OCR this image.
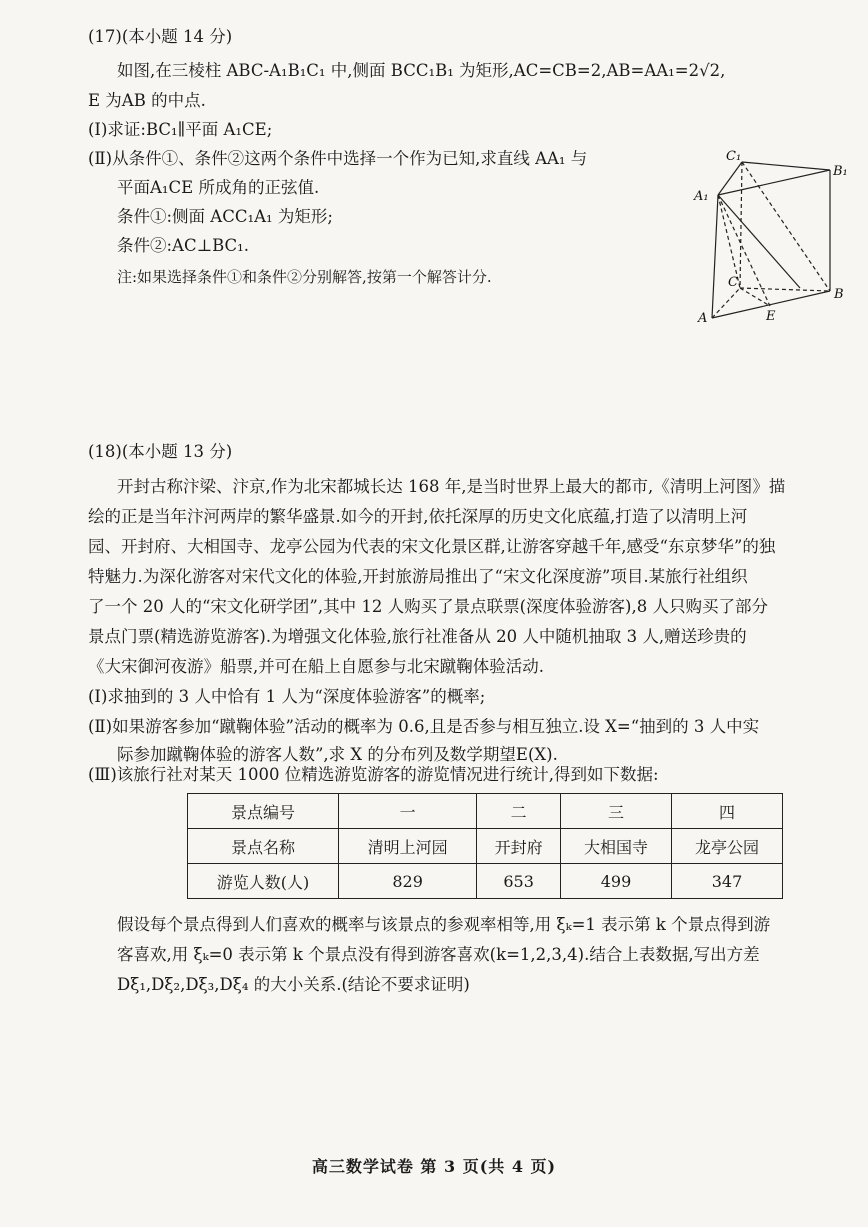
(17)(本小题 14 分)
如图,在三棱柱 ABC-A₁B₁C₁ 中,侧面 BCC₁B₁ 为矩形,AC=CB=2,AB=AA₁=2√2,
E 为AB 的中点.
(Ⅰ)求证:BC₁∥平面 A₁CE;
(Ⅱ)从条件①、条件②这两个条件中选择一个作为已知,求直线 AA₁ 与
平面A₁CE 所成角的正弦值.
条件①:侧面 ACC₁A₁ 为矩形;
条件②:AC⊥BC₁.
注:如果选择条件①和条件②分别解答,按第一个解答计分.
C₁
B₁
A₁
C
B
A	E
(18)(本小题 13 分)
开封古称汴梁、汴京,作为北宋都城长达 168 年,是当时世界上最大的都市,《清明上河图》描
绘的正是当年汴河两岸的繁华盛景.如今的开封,依托深厚的历史文化底蕴,打造了以清明上河
园、开封府、大相国寺、龙亭公园为代表的宋文化景区群,让游客穿越千年,感受“东京梦华”的独
特魅力.为深化游客对宋代文化的体验,开封旅游局推出了“宋文化深度游”项目.某旅行社组织
了一个 20 人的“宋文化研学团”,其中 12 人购买了景点联票(深度体验游客),8 人只购买了部分
景点门票(精选游览游客).为增强文化体验,旅行社准备从 20 人中随机抽取 3 人,赠送珍贵的
《大宋御河夜游》船票,并可在船上自愿参与北宋蹴鞠体验活动.
(Ⅰ)求抽到的 3 人中恰有 1 人为“深度体验游客”的概率;
(Ⅱ)如果游客参加“蹴鞠体验”活动的概率为 0.6,且是否参与相互独立.设 X=“抽到的 3 人中实
际参加蹴鞠体验的游客人数”,求 X 的分布列及数学期望E(X).
(Ⅲ)该旅行社对某天 1000 位精选游览游客的游览情况进行统计,得到如下数据:
景点编号	一	二	三	四
景点名称	清明上河园	开封府	大相国寺	龙亭公园
游览人数(人)	829	653	499	347
假设每个景点得到人们喜欢的概率与该景点的参观率相等,用 ξₖ=1 表示第 k 个景点得到游
客喜欢,用 ξₖ=0 表示第 k 个景点没有得到游客喜欢(k=1,2,3,4).结合上表数据,写出方差
Dξ₁,Dξ₂,Dξ₃,Dξ₄ 的大小关系.(结论不要求证明)
高三数学试卷 第 3 页(共 4 页)
